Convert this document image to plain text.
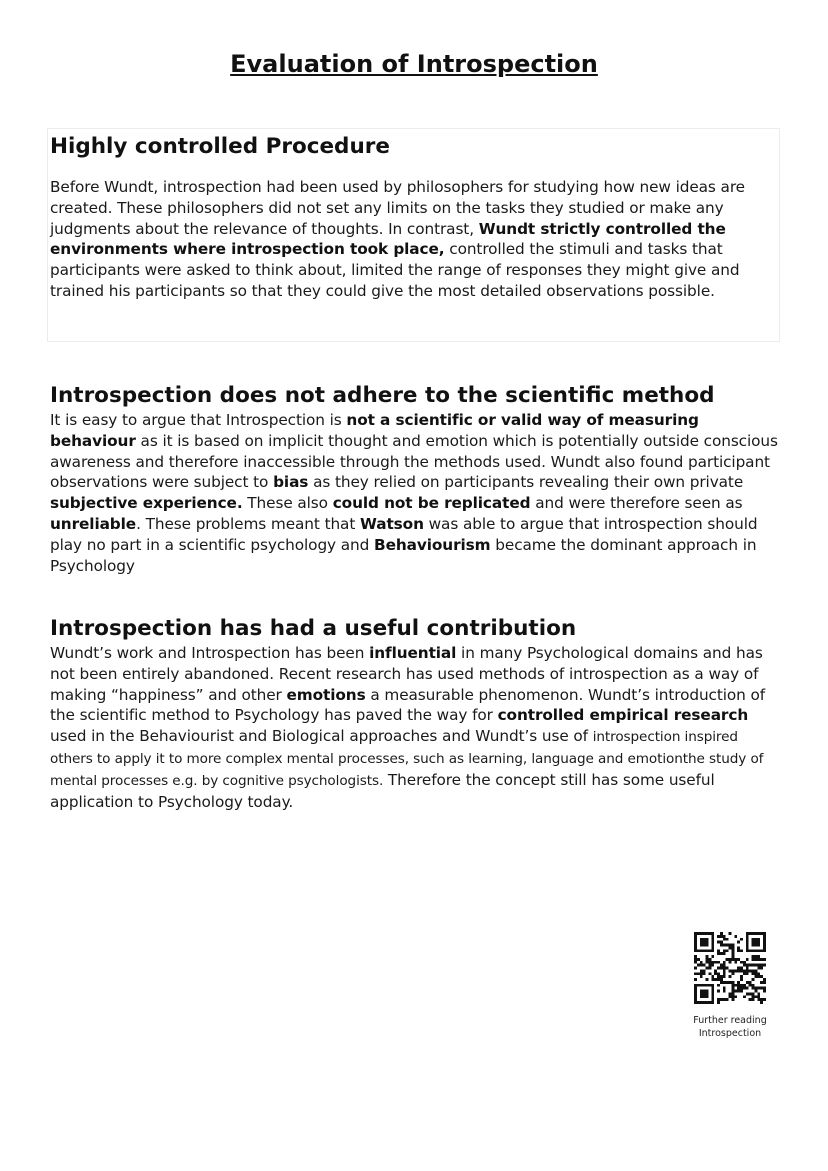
Evaluation of Introspection
Highly controlled Procedure

Before Wundt, introspection had been used by philosophers for studying how new ideas are created. These philosophers did not set any limits on the tasks they studied or make any judgments about the relevance of thoughts. In contrast, Wundt strictly controlled the environments where introspection took place, controlled the stimuli and tasks that participants were asked to think about, limited the range of responses they might give and trained his participants so that they could give the most detailed observations possible.

Introspection does not adhere to the scientific method

It is easy to argue that Introspection is not a scientific or valid way of measuring behaviour as it is based on implicit thought and emotion which is potentially outside conscious awareness and therefore inaccessible through the methods used. Wundt also found participant observations were subject to bias as they relied on participants revealing their own private subjective experience. These also could not be replicated and were therefore seen as unreliable. These problems meant that Watson was able to argue that introspection should play no part in a scientific psychology and Behaviourism became the dominant approach in Psychology

Introspection has had a useful contribution

Wundt’s work and Introspection has been influential in many Psychological domains and has not been entirely abandoned. Recent research has used methods of introspection as a way of making “happiness” and other emotions a measurable phenomenon. Wundt’s introduction of the scientific method to Psychology has paved the way for controlled empirical research used in the Behaviourist and Biological approaches and Wundt’s use of introspection inspired others to apply it to more complex mental processes, such as learning, language and emotionthe study of mental processes e.g. by cognitive psychologists. Therefore the concept still has some useful application to Psychology today.

Further reading
Introspection
